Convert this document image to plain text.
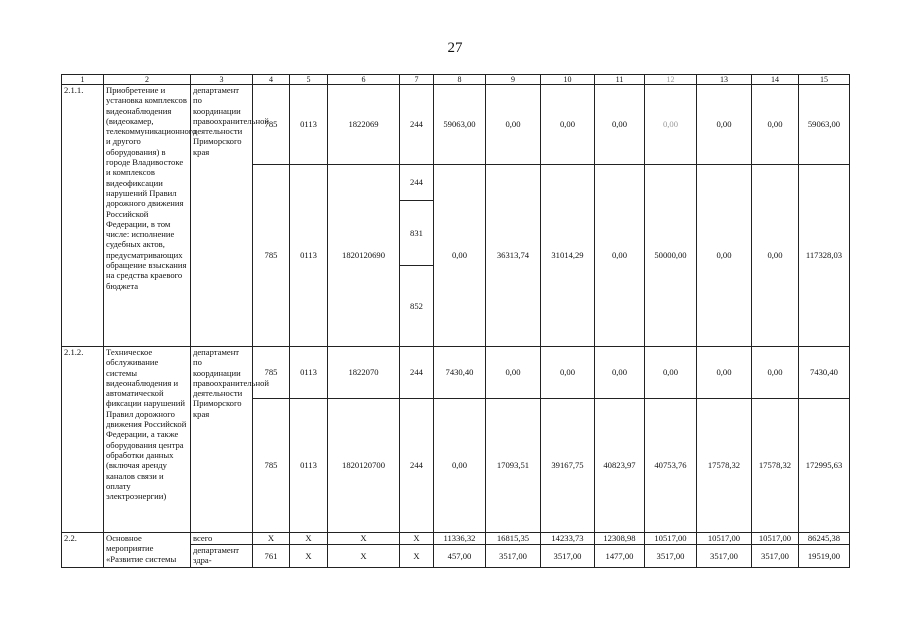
27
1	2	3	4	5	6	7	8	9	10	11	12	13	14	15
2.1.1.	Приобретение и установка комплексов видеонаблюдения (видеокамер, телекоммуникационного и другого оборудования) в городе Владивостоке и комплексов видеофиксации нарушений Правил дорожного движения Российской Федерации, в том числе: исполнение судебных актов, предусматривающих обращение взыскания на средства краевого бюджета	департамент по координации правоохранительной деятельности Приморского края	785	0113	1822069	244	59063,00	0,00	0,00	0,00	0,00	0,00	0,00	59063,00
			785	0113	1820120690	244	0,00	36313,74	31014,29	0,00	50000,00	0,00	0,00	117328,03
						831								
						852								
2.1.2.	Техническое обслуживание системы видеонаблюдения и автоматической фиксации нарушений Правил дорожного движения Российской Федерации, а также оборудования центра обработки данных (включая аренду каналов связи и оплату электроэнергии)	департамент по координации правоохранительной деятельности Приморского края	785	0113	1822070	244	7430,40	0,00	0,00	0,00	0,00	0,00	0,00	7430,40
			785	0113	1820120700	244	0,00	17093,51	39167,75	40823,97	40753,76	17578,32	17578,32	172995,63
2.2.	Основное мероприятие «Развитие системы	всего	X	X	X	X	11336,32	16815,35	14233,73	12308,98	10517,00	10517,00	10517,00	86245,38
		департамент здра-	761	X	X	X	457,00	3517,00	3517,00	1477,00	3517,00	3517,00	3517,00	19519,00
